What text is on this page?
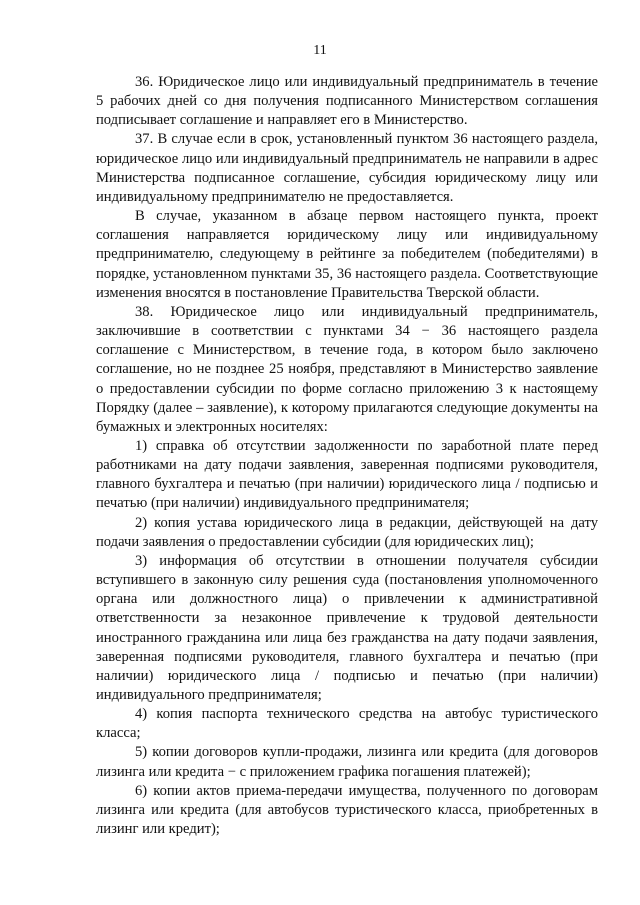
11

36. Юридическое лицо или индивидуальный предприниматель в течение 5 рабочих дней со дня получения подписанного Министерством соглашения подписывает соглашение и направляет его в Министерство.

37. В случае если в срок, установленный пунктом 36 настоящего раздела, юридическое лицо или индивидуальный предприниматель не направили в адрес Министерства подписанное соглашение, субсидия юридическому лицу или индивидуальному предпринимателю не предоставляется.

В случае, указанном в абзаце первом настоящего пункта, проект соглашения направляется юридическому лицу или индивидуальному предпринимателю, следующему в рейтинге за победителем (победителями) в порядке, установленном пунктами 35, 36 настоящего раздела. Соответствующие изменения вносятся в постановление Правительства Тверской области.

38. Юридическое лицо или индивидуальный предприниматель, заключившие в соответствии с пунктами 34 − 36 настоящего раздела соглашение с Министерством, в течение года, в котором было заключено соглашение, но не позднее 25 ноября, представляют в Министерство заявление о предоставлении субсидии по форме согласно приложению 3 к настоящему Порядку (далее – заявление), к которому прилагаются следующие документы на бумажных и электронных носителях:

1) справка об отсутствии задолженности по заработной плате перед работниками на дату подачи заявления, заверенная подписями руководителя, главного бухгалтера и печатью (при наличии) юридического лица / подписью и печатью (при наличии) индивидуального предпринимателя;

2) копия устава юридического лица в редакции, действующей на дату подачи заявления о предоставлении субсидии (для юридических лиц);

3) информация об отсутствии в отношении получателя субсидии вступившего в законную силу решения суда (постановления уполномоченного органа или должностного лица) о привлечении к административной ответственности за незаконное привлечение к трудовой деятельности иностранного гражданина или лица без гражданства на дату подачи заявления, заверенная подписями руководителя, главного бухгалтера и печатью (при наличии) юридического лица / подписью и печатью (при наличии) индивидуального предпринимателя;

4) копия паспорта технического средства на автобус туристического класса;

5) копии договоров купли-продажи, лизинга или кредита (для договоров лизинга или кредита − с приложением графика погашения платежей);

6) копии актов приема-передачи имущества, полученного по договорам лизинга или кредита (для автобусов туристического класса, приобретенных в лизинг или кредит);
